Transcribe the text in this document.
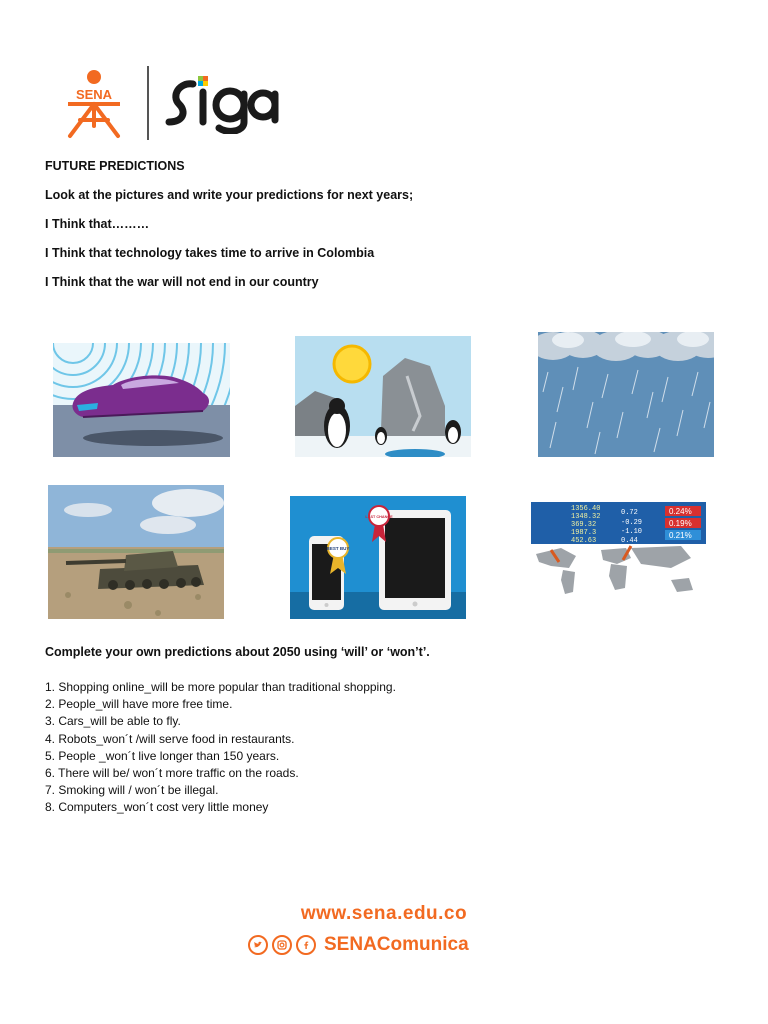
SENA
FUTURE PREDICTIONS
Look at the pictures and write your predictions for next years;
I Think that………
I Think that technology takes time to arrive in Colombia
I Think that the war will not end in our country
BEST BUY
LAST CHANCE
1356.40
1348.32
369.32
1987.3
452.63
0.72
-0.29
-1.10
0.44
0.24%
0.19%
0.21%
Complete your own predictions about 2050 using ‘will’ or ‘won’t’.
1. Shopping online_will be more popular than traditional shopping.
2. People_will have more free time.
3. Cars_will be able to fly.
4. Robots_won´t /will serve food in restaurants.
5. People _won´t live longer than 150 years.
6. There will be/ won´t more traffic on the roads.
7. Smoking will / won´t be illegal.
8. Computers_won´t cost very little money
www.sena.edu.co
SENAComunica
